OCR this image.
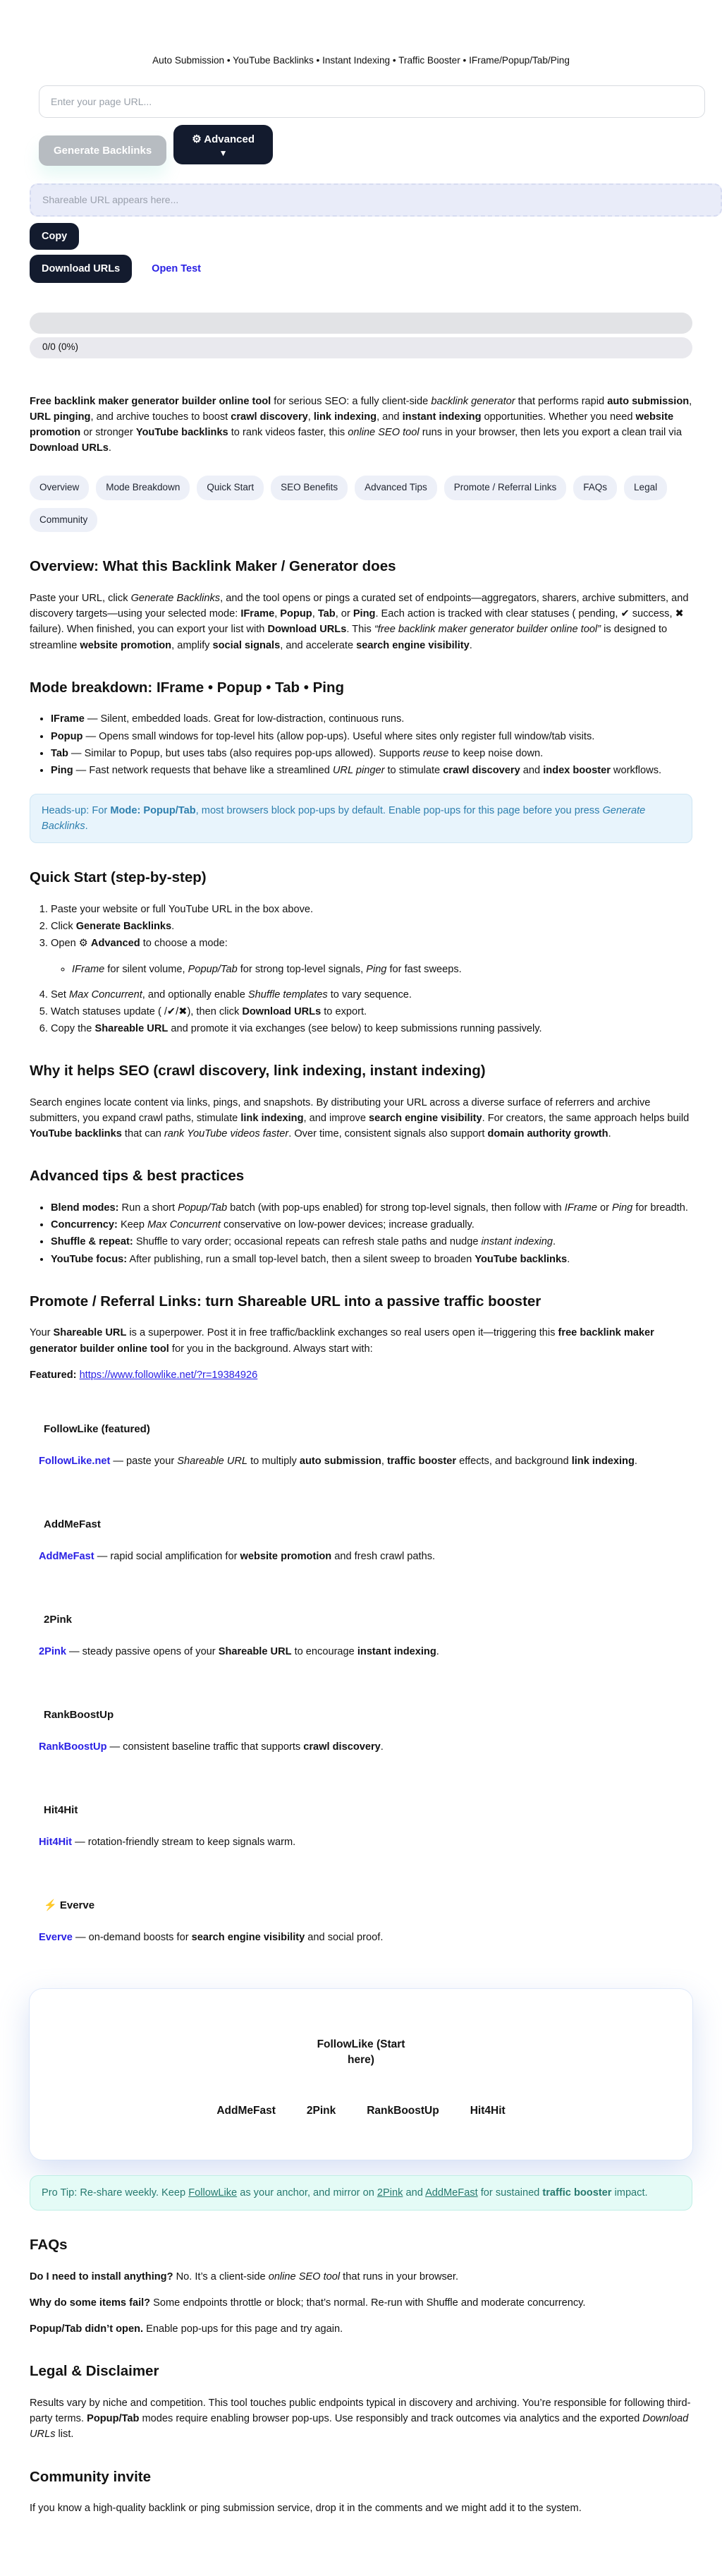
Auto Submission • YouTube Backlinks • Instant Indexing • Traffic Booster • IFrame/Popup/Tab/Ping
Enter your page URL...
Generate Backlinks
⚙ Advanced
▼
Shareable URL appears here... Copy
Download URLs	Open Test
0/0 (0%)

Free backlink maker generator builder online tool for serious SEO: a fully client-side backlink generator that performs rapid auto submission, URL pinging, and archive touches to boost crawl discovery, link indexing, and instant indexing opportunities. Whether you need website promotion or stronger YouTube backlinks to rank videos faster, this online SEO tool runs in your browser, then lets you export a clean trail via Download URLs.

Overview	Mode Breakdown	Quick Start	SEO Benefits	Advanced Tips	Promote / Referral Links	FAQs	Legal
Community
Overview: What this Backlink Maker / Generator does

Paste your URL, click Generate Backlinks, and the tool opens or pings a curated set of endpoints—aggregators, sharers, archive submitters, and discovery targets—using your selected mode: IFrame, Popup, Tab, or Ping. Each action is tracked with clear statuses ( pending, ✔ success, ✖ failure). When finished, you can export your list with Download URLs. This “free backlink maker generator builder online tool” is designed to streamline website promotion, amplify social signals, and accelerate search engine visibility.

Mode breakdown: IFrame • Popup • Tab • Ping
• IFrame — Silent, embedded loads. Great for low-distraction, continuous runs.
• Popup — Opens small windows for top-level hits (allow pop-ups). Useful where sites only register full window/tab visits.
• Tab — Similar to Popup, but uses tabs (also requires pop-ups allowed). Supports reuse to keep noise down.
• Ping — Fast network requests that behave like a streamlined URL pinger to stimulate crawl discovery and index booster workflows.
Heads-up: For Mode: Popup/Tab, most browsers block pop-ups by default. Enable pop-ups for this page before you press Generate Backlinks.
Quick Start (step-by-step)
1. Paste your website or full YouTube URL in the box above.
2. Click Generate Backlinks.
3. Open ⚙ Advanced to choose a mode:
◦ IFrame for silent volume, Popup/Tab for strong top-level signals, Ping for fast sweeps.
4. Set Max Concurrent, and optionally enable Shuffle templates to vary sequence.
5. Watch statuses update ( /✔/✖), then click Download URLs to export.
6. Copy the Shareable URL and promote it via exchanges (see below) to keep submissions running passively.
Why it helps SEO (crawl discovery, link indexing, instant indexing)

Search engines locate content via links, pings, and snapshots. By distributing your URL across a diverse surface of referrers and archive submitters, you expand crawl paths, stimulate link indexing, and improve search engine visibility. For creators, the same approach helps build YouTube backlinks that can rank YouTube videos faster. Over time, consistent signals also support domain authority growth.

Advanced tips & best practices
• Blend modes: Run a short Popup/Tab batch (with pop-ups enabled) for strong top-level signals, then follow with IFrame or Ping for breadth.
• Concurrency: Keep Max Concurrent conservative on low-power devices; increase gradually.
• Shuffle & repeat: Shuffle to vary order; occasional repeats can refresh stale paths and nudge instant indexing.
• YouTube focus: After publishing, run a small top-level batch, then a silent sweep to broaden YouTube backlinks.
Promote / Referral Links: turn Shareable URL into a passive traffic booster

Your Shareable URL is a superpower. Post it in free traffic/backlink exchanges so real users open it—triggering this free backlink maker generator builder online tool for you in the background. Always start with:

Featured: https://www.followlike.net/?r=19384926

FollowLike (featured)

FollowLike.net — paste your Shareable URL to multiply auto submission, traffic booster effects, and background link indexing.

AddMeFast

AddMeFast — rapid social amplification for website promotion and fresh crawl paths.

2Pink

2Pink — steady passive opens of your Shareable URL to encourage instant indexing.

RankBoostUp

RankBoostUp — consistent baseline traffic that supports crawl discovery.

Hit4Hit

Hit4Hit — rotation-friendly stream to keep signals warm.

⚡ Everve

Everve — on-demand boosts for search engine visibility and social proof.

FollowLike (Start here)
AddMeFast	2Pink	RankBoostUp	Hit4Hit
Pro Tip: Re-share weekly. Keep FollowLike as your anchor, and mirror on 2Pink and AddMeFast for sustained traffic booster impact.
FAQs

Do I need to install anything? No. It’s a client-side online SEO tool that runs in your browser.

Why do some items fail? Some endpoints throttle or block; that’s normal. Re-run with Shuffle and moderate concurrency.

Popup/Tab didn’t open. Enable pop-ups for this page and try again.

Legal & Disclaimer

Results vary by niche and competition. This tool touches public endpoints typical in discovery and archiving. You’re responsible for following third-party terms. Popup/Tab modes require enabling browser pop-ups. Use responsibly and track outcomes via analytics and the exported Download URLs list.

Community invite

If you know a high-quality backlink or ping submission service, drop it in the comments and we might add it to the system.
